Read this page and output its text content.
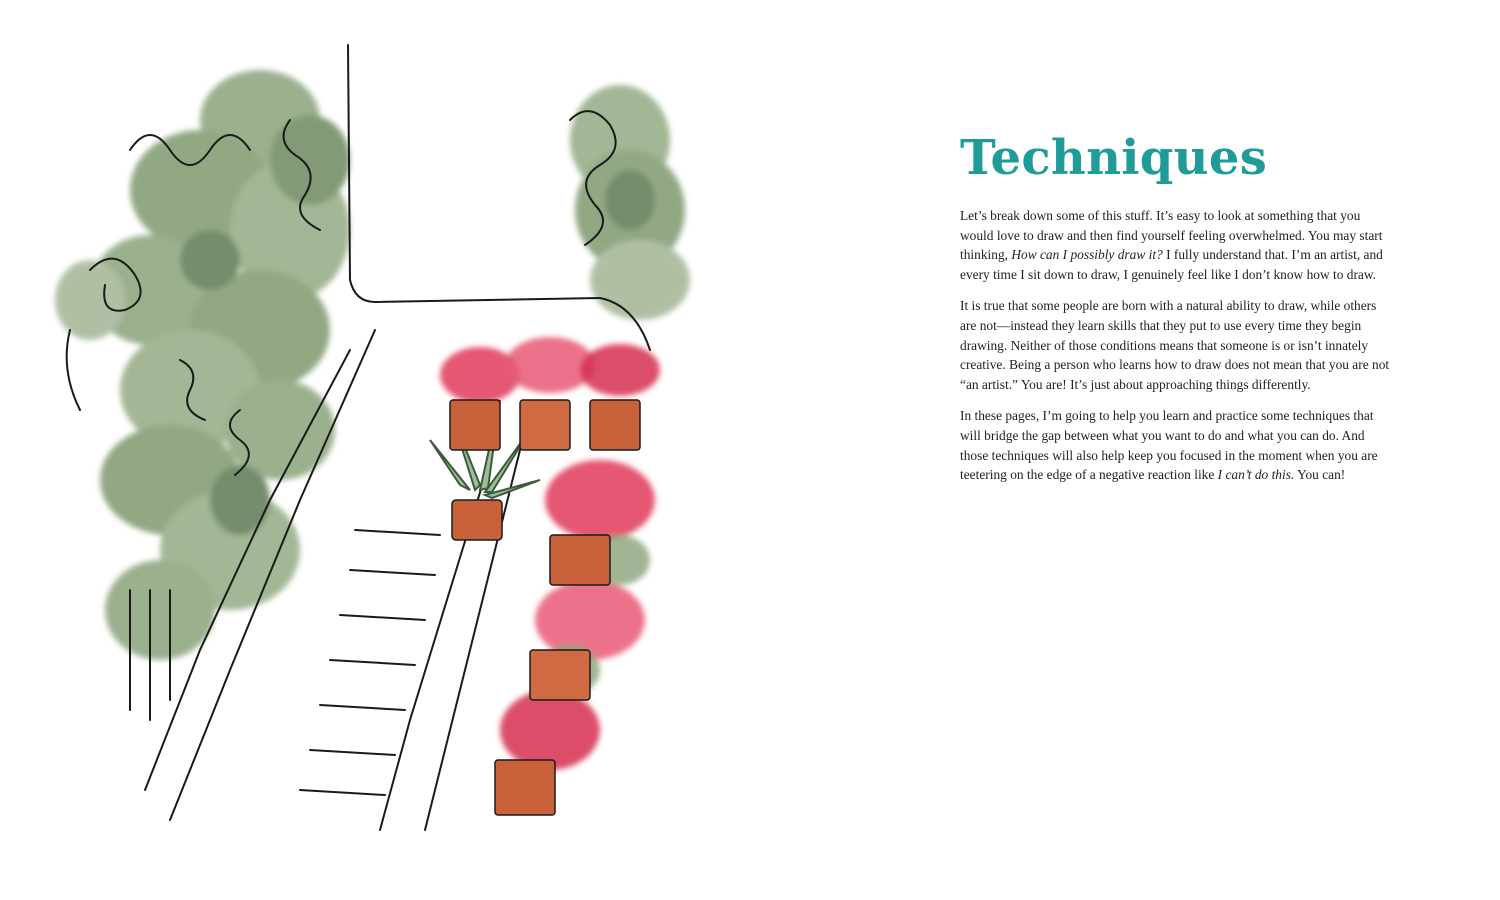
Techniques

Let’s break down some of this stuff. It’s easy to look at something that you would love to draw and then find yourself feeling overwhelmed. You may start thinking, How can I possibly draw it? I fully understand that. I’m an artist, and every time I sit down to draw, I genuinely feel like I don’t know how to draw.

It is true that some people are born with a natural ability to draw, while others are not—instead they learn skills that they put to use every time they begin drawing. Neither of those conditions means that someone is or isn’t innately creative. Being a person who learns how to draw does not mean that you are not “an artist.” You are! It’s just about approaching things differently.

In these pages, I’m going to help you learn and practice some techniques that will bridge the gap between what you want to do and what you can do. And those techniques will also help keep you focused in the moment when you are teetering on the edge of a negative reaction like I can’t do this. You can!
